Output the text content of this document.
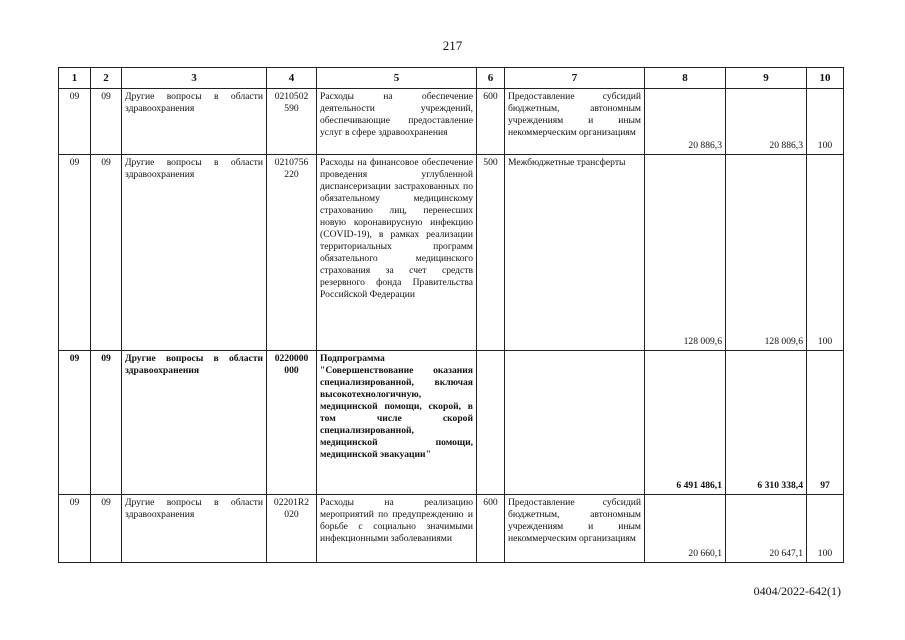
217
1	2	3	4	5	6	7	8	9	10
09	09	Другие вопросы в области здравоохранения	0210502 590	Расходы на обеспечение деятельности учреждений, обеспечивающие предоставление услуг в сфере здравоохранения	600	Предоставление субсидий бюджетным, автономным учреждениям и иным некоммерческим организациям	20 886,3	20 886,3	100
09	09	Другие вопросы в области здравоохранения	0210756 220	Расходы на финансовое обеспечение проведения углубленной диспансеризации застрахованных по обязательному медицинскому страхованию лиц, перенесших новую коронавирусную инфекцию (COVID-19), в рамках реализации территориальных программ обязательного медицинского страхования за счет средств резервного фонда Правительства Российской Федерации	500	Межбюджетные трансферты	128 009,6	128 009,6	100
09	09	Другие вопросы в области здравоохранения	0220000 000	Подпрограмма "Совершенствование оказания специализированной, включая высокотехнологичную, медицинской помощи, скорой, в том числе скорой специализированной, медицинской помощи, медицинской эвакуации"			6 491 486,1	6 310 338,4	97
09	09	Другие вопросы в области здравоохранения	02201R2 020	Расходы на реализацию мероприятий по предупреждению и борьбе с социально значимыми инфекционными заболеваниями	600	Предоставление субсидий бюджетным, автономным учреждениям и иным некоммерческим организациям	20 660,1	20 647,1	100
0404/2022-642(1)
